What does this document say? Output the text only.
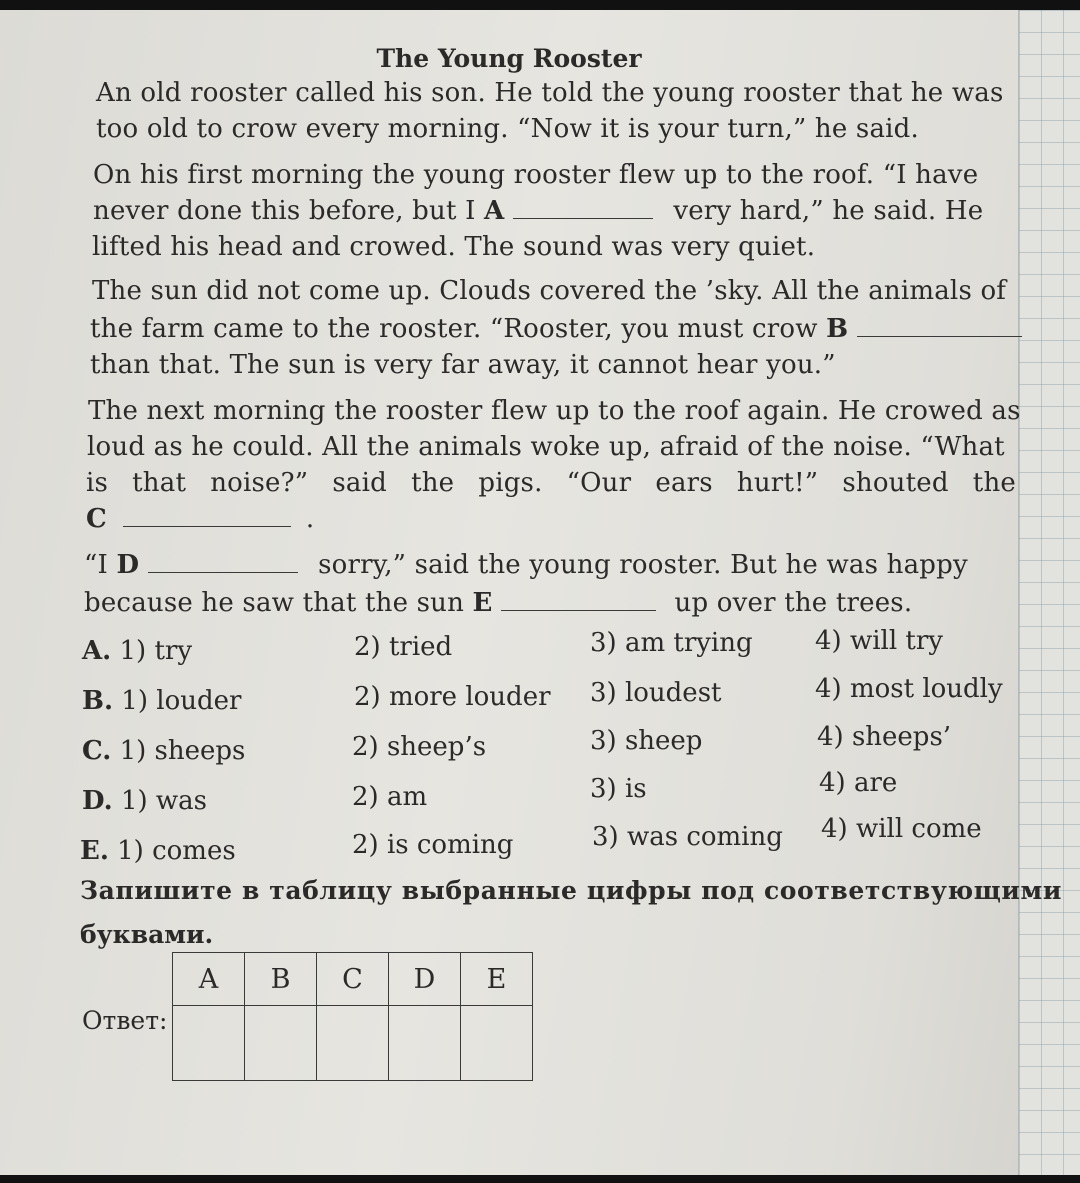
The Young Rooster
An old rooster called his son. He told the young rooster that he was
too old to crow every morning. “Now it is your turn,” he said.
On his first morning the young rooster flew up to the roof. “I have
never done this before, but I A	very hard,” he said. He
lifted his head and crowed. The sound was very quiet.
The sun did not come up. Clouds covered the ’sky. All the animals of
the farm came to the rooster. “Rooster, you must crow B
than that. The sun is very far away, it cannot hear you.”
The next morning the rooster flew up to the roof again. He crowed as
loud as he could. All the animals woke up, afraid of the noise. “What
is that noise?” said the pigs. “Our ears hurt!” shouted the
C	.
“I D	sorry,” said the young rooster. But he was happy
because he saw that the sun E	up over the trees.
A. 1) try	2) tried	3) am trying 4) will try
B. 1) louder	2) more louder 3) loudest	4) most loudly
C. 1) sheeps	2) sheep’s	3) sheep	4) sheeps’
D. 1) was	2) am	3) is	4) are
E. 1) comes	2) is coming	3) was coming 4) will come
Запишите в таблицу выбранные цифры под соответствующими
буквами.
Ответ:
A	B	C	D	E
